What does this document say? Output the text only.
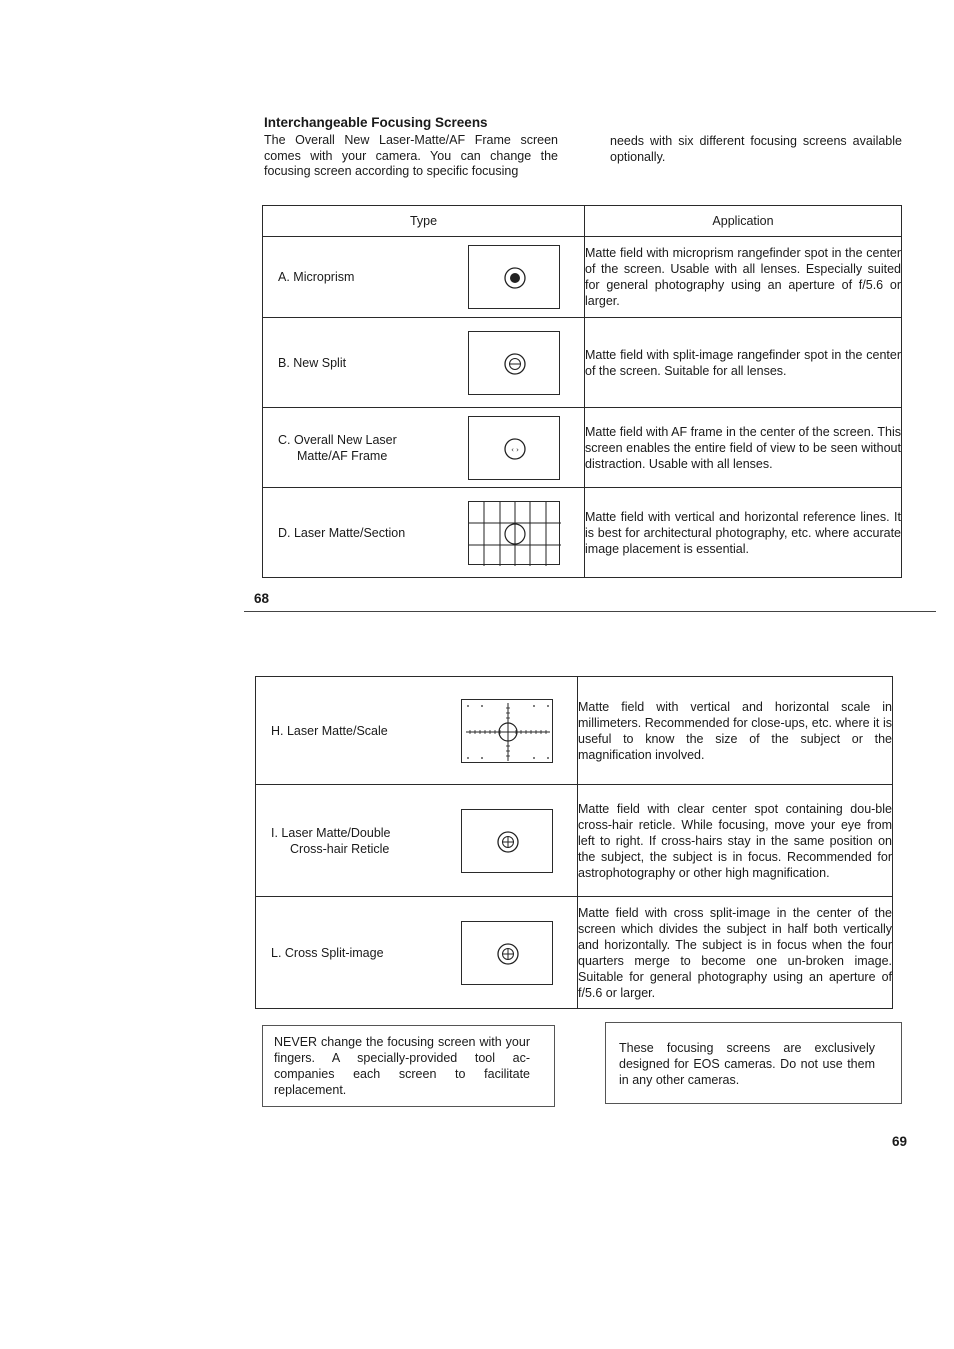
Interchangeable Focusing Screens
The Overall New Laser-Matte/AF Frame screen comes with your camera. You can change the focusing screen according to specific focusing
needs with six different focusing screens available optionally.
Type	Application

A. Microprism	Matte field with microprism rangefinder spot in the center of the screen. Usable with all lenses. Especially suited for general photography using an aperture of f/5.6 or larger.

B. New Split	Matte field with split-image rangefinder spot in the center of the screen. Suitable for all lenses.

C. Overall New Laser
Matte/AF Frame ‹ ›	Matte field with AF frame in the center of the screen. This screen enables the entire field of view to be seen without distraction. Usable with all lenses.

D. Laser Matte/Section	Matte field with vertical and horizontal reference lines. It is best for architectural photography, etc. where accurate image placement is essential.
68
H. Laser Matte/Scale	Matte field with vertical and horizontal scale in millimeters. Recommended for close-ups, etc. where it is useful to know the size of the subject or the magnification involved.

I. Laser Matte/Double
Cross-hair Reticle	Matte field with clear center spot containing dou-ble cross-hair reticle. While focusing, move your eye from left to right. If cross-hairs stay in the same position on the subject, the subject is in focus. Recommended for astrophotography or other high magnification.

L. Cross Split-image	Matte field with cross split-image in the center of the screen which divides the subject in half both vertically and horizontally. The subject is in focus when the four quarters merge to become one un-broken image. Suitable for general photography using an aperture of f/5.6 or larger.
NEVER change the focusing screen with your fingers. A specially-provided tool ac-companies each screen to facilitate replacement.
These focusing screens are exclusively designed for EOS cameras. Do not use them in any other cameras.
69
